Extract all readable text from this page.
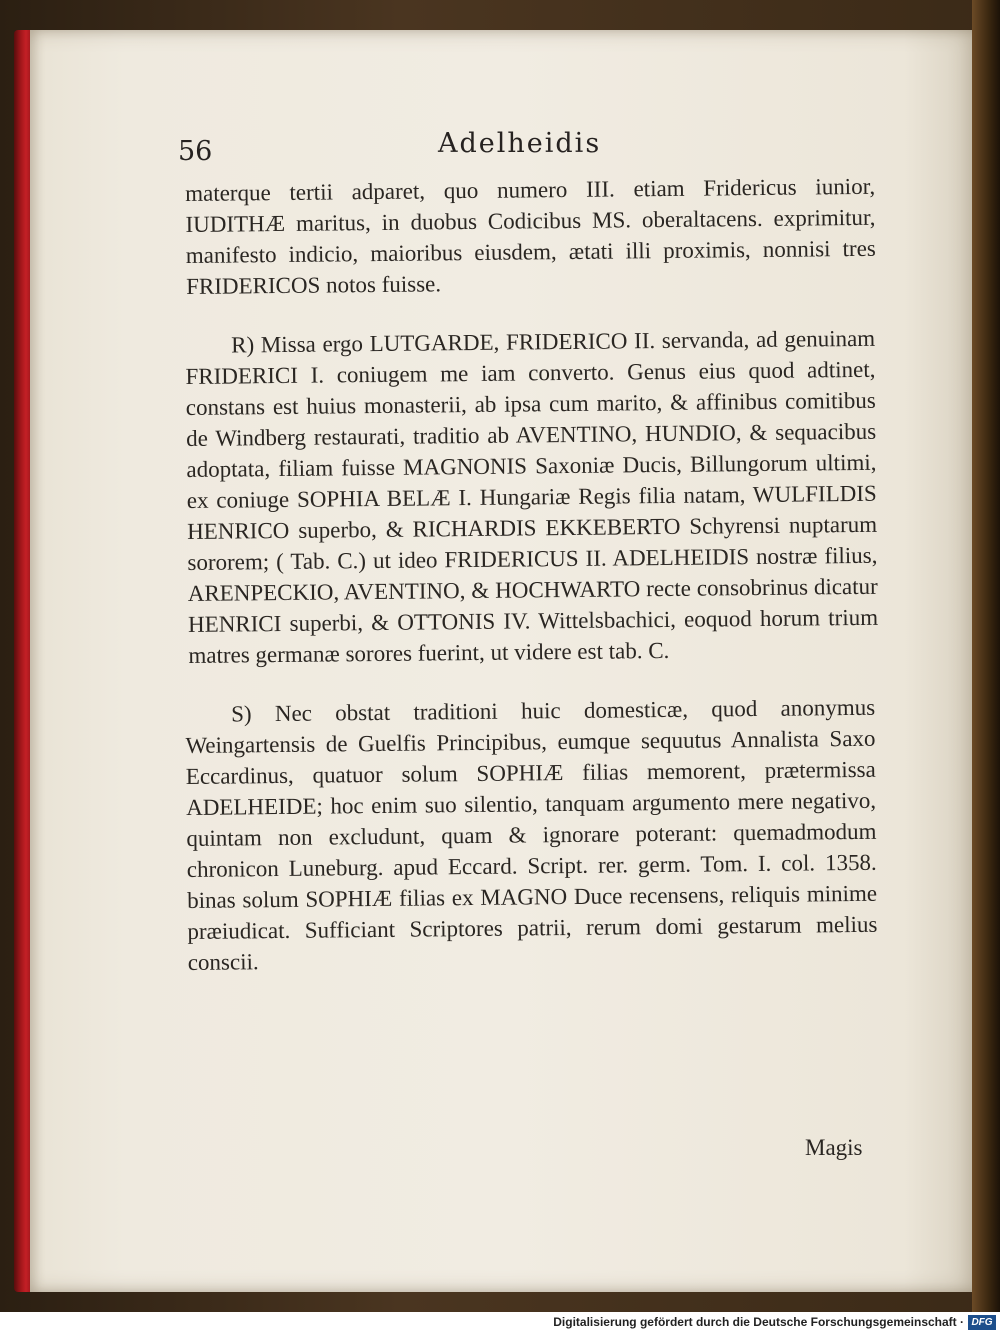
56	Adelheidis

materque tertii adparet, quo numero III. etiam Fridericus iunior, IUDITHÆ maritus, in duobus Codicibus MS. oberaltacens. exprimitur, manifesto indicio, maioribus eiusdem, ætati illi proximis, nonnisi tres FRIDERICOS notos fuisse.

R) Missa ergo LUTGARDE, FRIDERICO II. servanda, ad genuinam FRIDERICI I. coniugem me iam converto. Genus eius quod adtinet, constans est huius monasterii, ab ipsa cum marito, & affinibus comitibus de Windberg restaurati, traditio ab AVENTINO, HUNDIO, & sequacibus adoptata, filiam fuisse MAGNONIS Saxoniæ Ducis, Billungorum ultimi, ex coniuge SOPHIA BELÆ I. Hungariæ Regis filia natam, WULFILDIS HENRICO superbo, & RICHARDIS EKKEBERTO Schyrensi nuptarum sororem; ( Tab. C.) ut ideo FRIDERICUS II. ADELHEIDIS nostræ filius, ARENPECKIO, AVENTINO, & HOCHWARTO recte consobrinus dicatur HENRICI superbi, & OTTONIS IV. Wittelsbachici, eoquod horum trium matres germanæ sorores fuerint, ut videre est tab. C.

S) Nec obstat traditioni huic domesticæ, quod anonymus Weingartensis de Guelfis Principibus, eumque sequutus Annalista Saxo Eccardinus, quatuor solum SOPHIÆ filias memorent, prætermissa ADELHEIDE; hoc enim suo silentio, tanquam argumento mere negativo, quintam non excludunt, quam & ignorare poterant: quemadmodum chronicon Luneburg. apud Eccard. Script. rer. germ. Tom. I. col. 1358. binas solum SOPHIÆ filias ex MAGNO Duce recensens, reliquis minime præiudicat. Sufficiant Scriptores patrii, rerum domi gestarum melius conscii.

Magis
Digitalisierung gefördert durch die Deutsche Forschungsgemeinschaft · DFG
